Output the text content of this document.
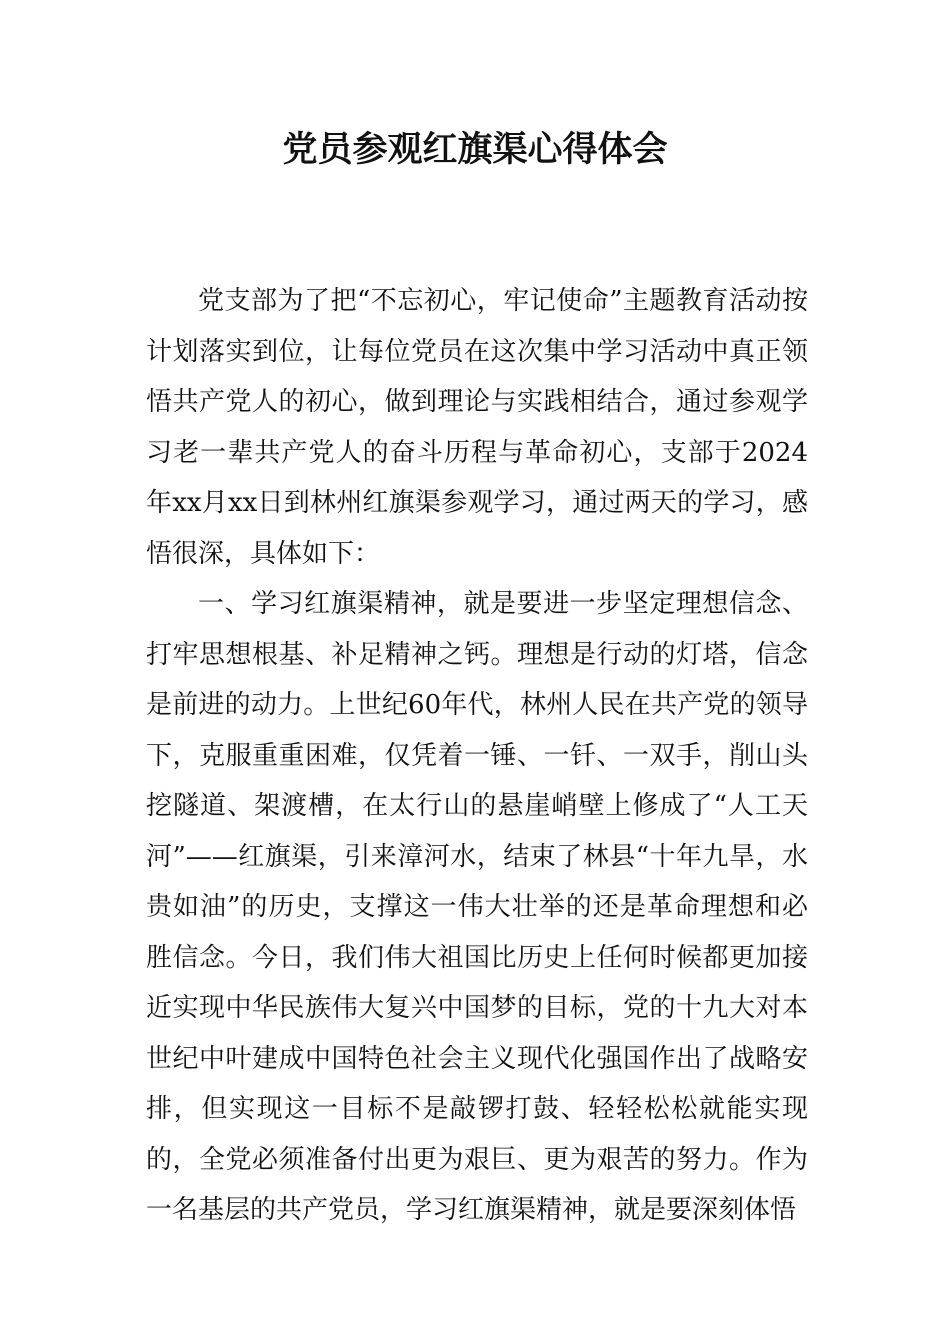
党员参观红旗渠心得体会

党支部为了把“不忘初心，牢记使命”主题教育活动按计划落实到位，让每位党员在这次集中学习活动中真正领悟共产党人的初心，做到理论与实践相结合，通过参观学习老一辈共产党人的奋斗历程与革命初心，支部于2024年xx月xx日到林州红旗渠参观学习，通过两天的学习，感悟很深，具体如下：

一、学习红旗渠精神，就是要进一步坚定理想信念、打牢思想根基、补足精神之钙。理想是行动的灯塔，信念是前进的动力。上世纪60年代，林州人民在共产党的领导下，克服重重困难，仅凭着一锤、一钎、一双手，削山头挖隧道、架渡槽，在太行山的悬崖峭壁上修成了“人工天河”——红旗渠，引来漳河水，结束了林县“十年九旱，水贵如油”的历史，支撑这一伟大壮举的还是革命理想和必胜信念。今日，我们伟大祖国比历史上任何时候都更加接近实现中华民族伟大复兴中国梦的目标，党的十九大对本世纪中叶建成中国特色社会主义现代化强国作出了战略安排，但实现这一目标不是敲锣打鼓、轻轻松松就能实现的，全党必须准备付出更为艰巨、更为艰苦的努力。作为一名基层的共产党员，学习红旗渠精神，就是要深刻体悟
